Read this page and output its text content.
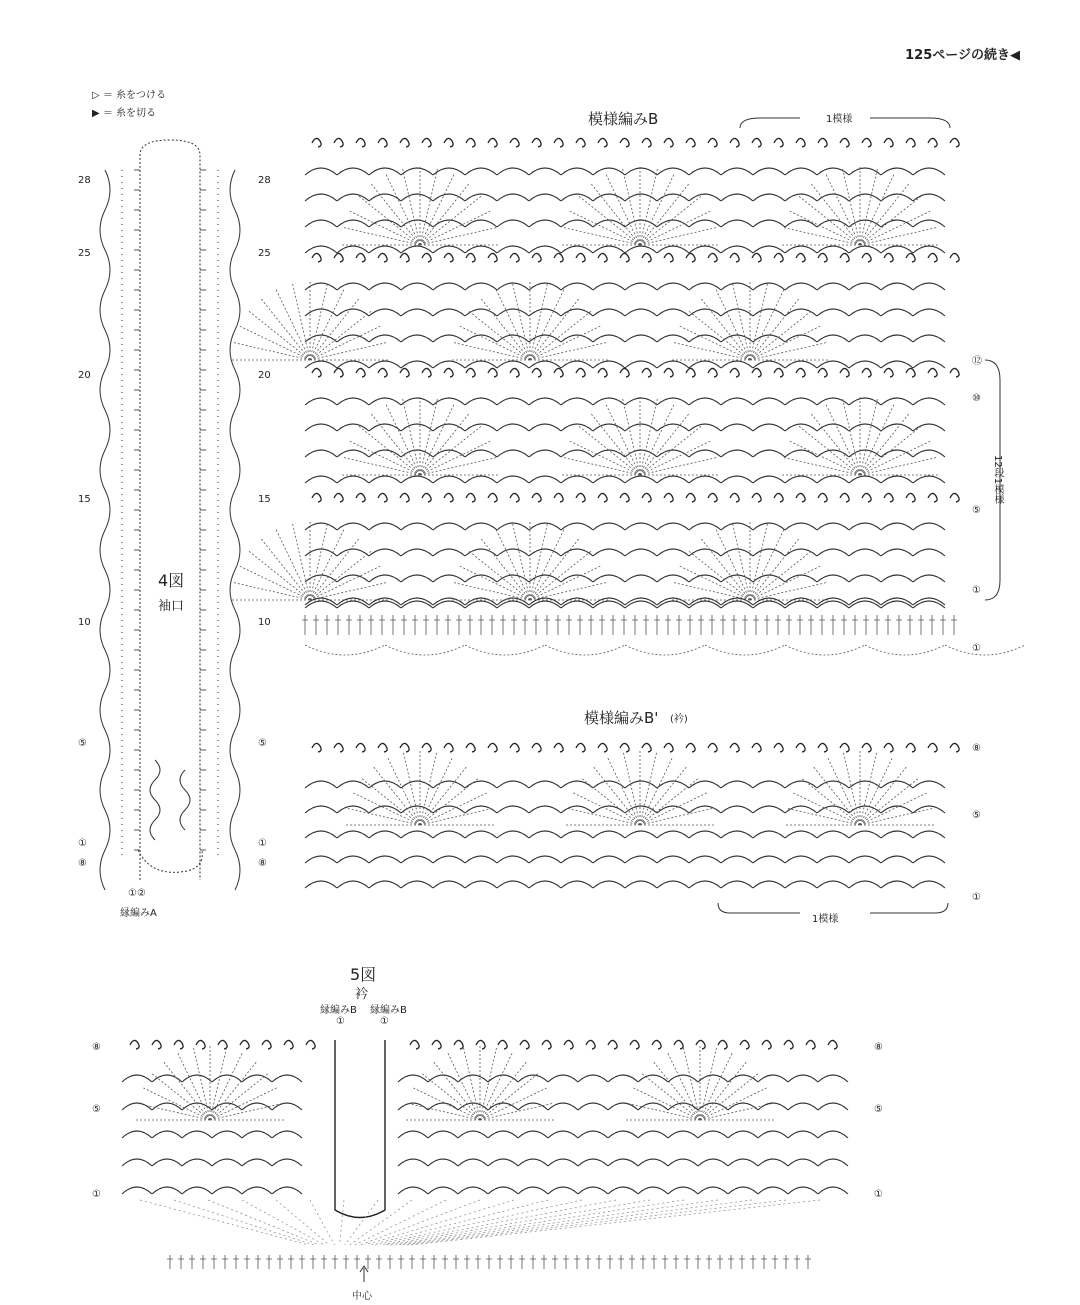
125ページの続き◀
▷ ＝ 糸をつける
▶ ＝ 糸を切る
4図
袖口
28
25
20
15
10
⑤
①
⑧
28
25
20
15
10
⑤
①
⑧
①②
縁編みA
模様編みB	1模様
⑫
⑩
⑤
①
①
12段1模様
模様編みB' (衿)
⑧
⑤
①
1模様
5図
衿
縁編みB 縁編みB
①	①
⑧
⑤
①
⑧
⑤
①
中心
